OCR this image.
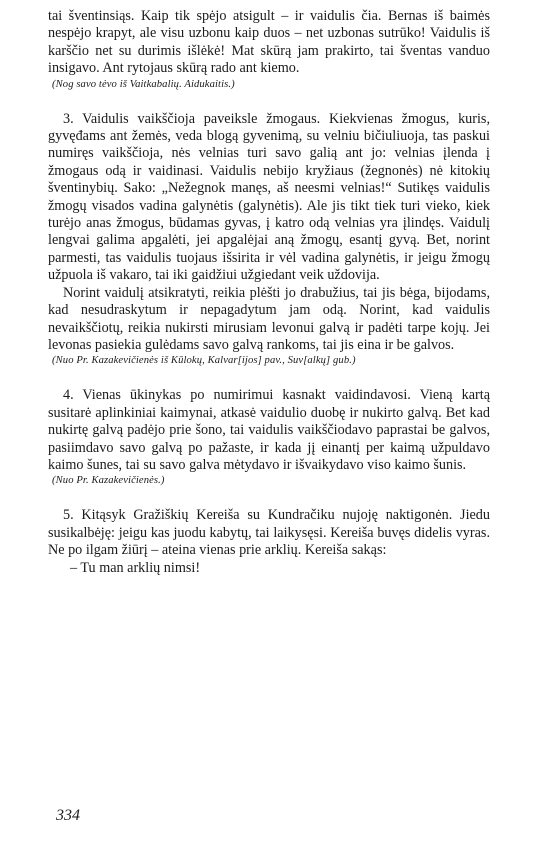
tai šventinsiąs. Kaip tik spėjo atsigult – ir vaidulis čia. Bernas iš baimės nespėjo krapyt, ale visu uzbonu kaip duos – net uzbonas sutrūko! Vaidulis iš karščio net su durimis išlėkė! Mat skūrą jam prakirto, tai šventas vanduo insigavo. Ant rytojaus skūrą rado ant kiemo.

(Nog savo tėvo iš Vaitkabalių. Aidukaitis.)

3. Vaidulis vaikščioja paveiksle žmogaus. Kiekvienas žmogus, kuris, gyvęđams ant žemės, veda blogą gyvenimą, su velniu bičiuliuoja, tas paskui numiręs vaikščioja, nės velnias turi savo galią ant jo: velnias įlenda į žmogaus odą ir vaidinasi. Vaidulis nebijo kryžiaus (žegnonės) nė kitokių šventinybių. Sako: „Nežegnok manęs, aš neesmi velnias!“ Sutikęs vaidulis žmogų visados vadina galynėtis (galynėtis). Ale jis tikt tiek turi vieko, kiek turėjo anas žmogus, būdamas gyvas, į katro odą velnias yra įlindęs. Vaidulį lengvai galima apgalėti, jei apgalėjai aną žmogų, esantį gyvą. Bet, norint parmesti, tas vaidulis tuojaus išsirita ir vėl vadina galynėtis, ir jeigu žmogų užpuola iš vakaro, tai iki gaidžiui užgiedant veik uždovija.

Norint vaidulį atsikratyti, reikia plėšti jo drabužius, tai jis bėga, bijodams, kad nesudraskytum ir nepagadytum jam odą. Norint, kad vaidulis nevaikščiotų, reikia nukirsti mirusiam levonui galvą ir padėti tarpe kojų. Jei levonas pasiekia gulėdams savo galvą rankoms, tai jis eina ir be galvos.

(Nuo Pr. Kazakevičienės iš Kūlokų, Kalvar[ijos] pav., Suv[alkų] gub.)

4. Vienas ūkinykas po numirimui kasnakt vaidindavosi. Vieną kartą susitarė aplinkiniai kaimynai, atkasė vaidulio duobę ir nukirto galvą. Bet kad nukirtę galvą padėjo prie šono, tai vaidulis vaikščiodavo paprastai be galvos, pasiimdavo savo galvą po pažaste, ir kada jį einantį per kaimą užpuldavo kaimo šunes, tai su savo galva mėtydavo ir išvaikydavo viso kaimo šunis.

(Nuo Pr. Kazakevičienės.)

5. Kitąsyk Gražiškių Kereiša su Kundračiku nujoję naktigonėn. Jiedu susikalbėję: jeigu kas juodu kabytų, tai laikysęsi. Kereiša buvęs didelis vyras. Ne po ilgam žiūrį – ateina vienas prie arklių. Kereiša sakąs:

– Tu man arklių nimsi!

334
